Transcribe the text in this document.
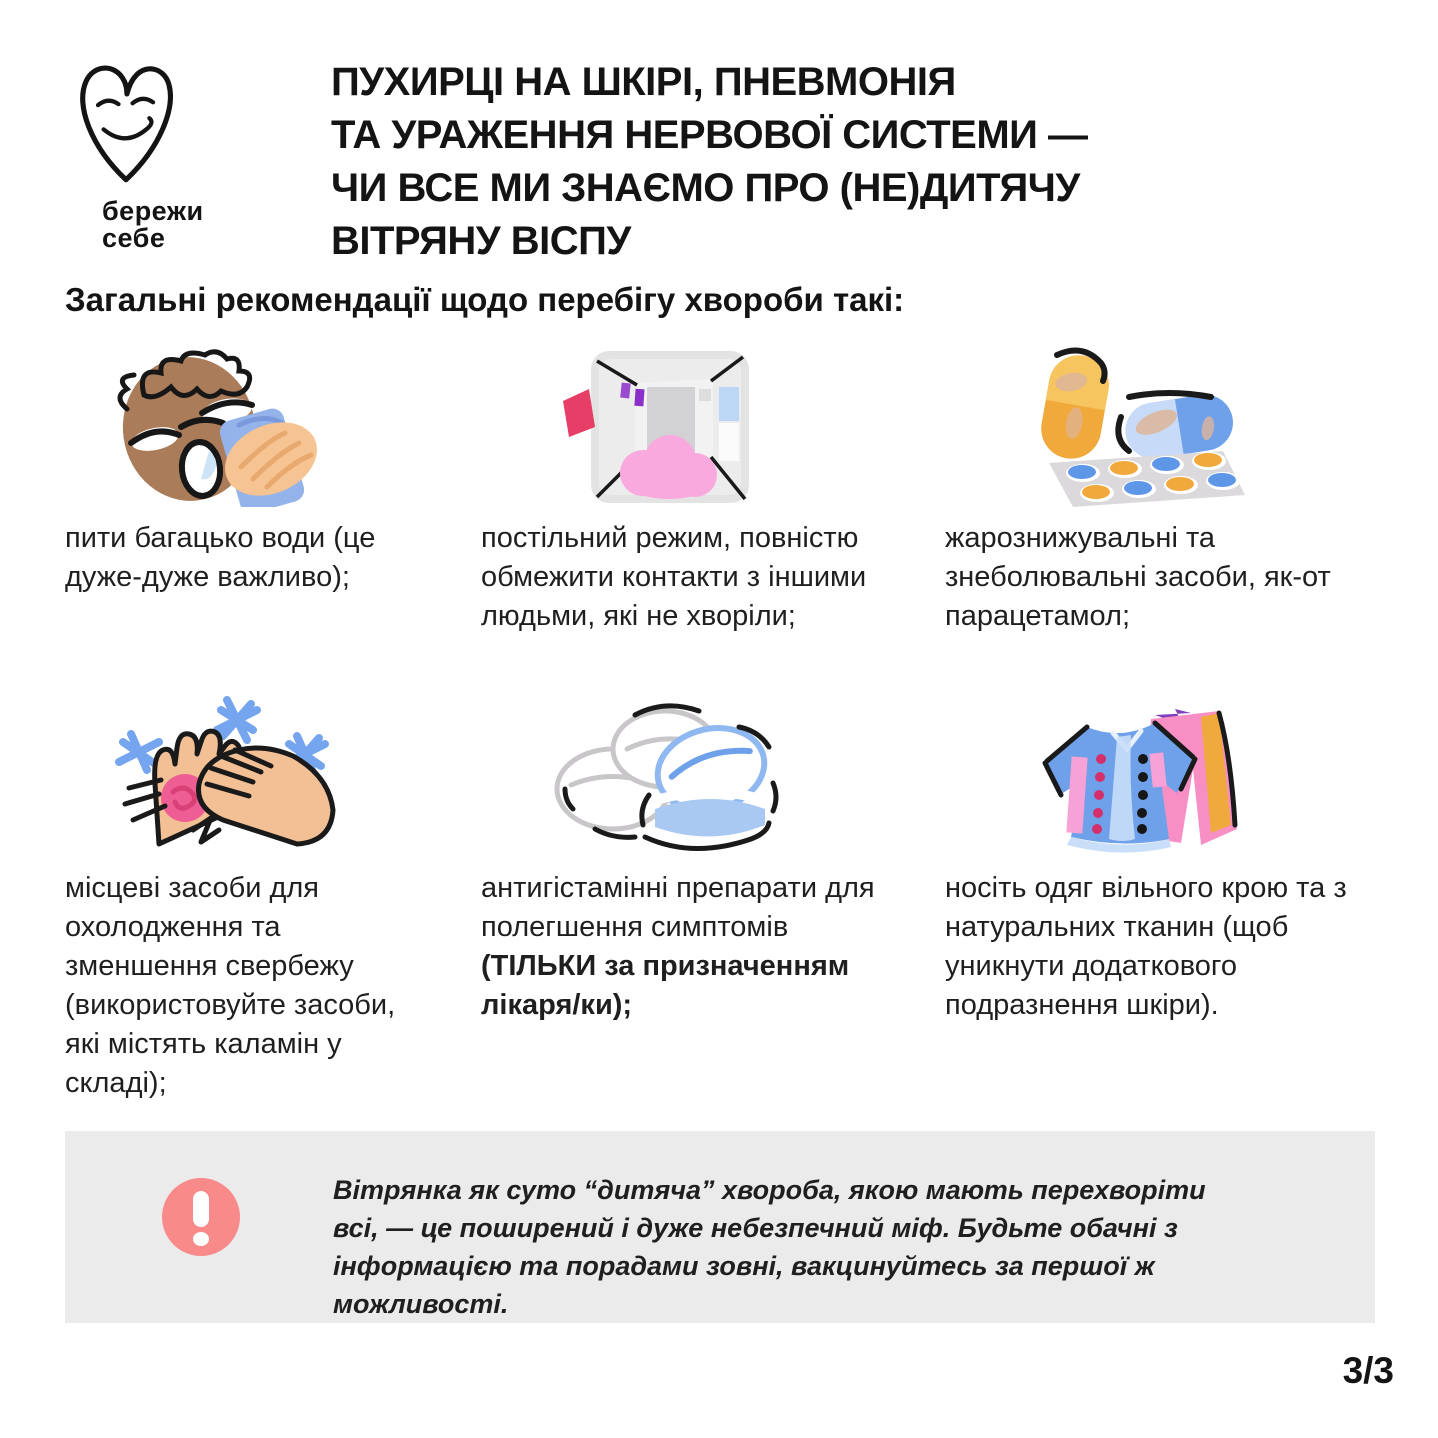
бережи
себе
ПУХИРЦІ НА ШКІРІ, ПНЕВМОНІЯ
ТА УРАЖЕННЯ НЕРВОВОЇ СИСТЕМИ —
ЧИ ВСЕ МИ ЗНАЄМО ПРО (НЕ)ДИТЯЧУ
ВІТРЯНУ ВІСПУ
Загальні рекомендації щодо перебігу хвороби такі:

пити багацько води (це дуже-дуже важливо);

постільний режим, повністю обмежити контакти з іншими людьми, які не хворіли;

жарознижувальні та знеболювальні засоби, як-от парацетамол;

місцеві засоби для охолодження та зменшення свербежу (використовуйте засоби, які містять каламін у складі);

антигістамінні препарати для полегшення симптомів (ТІЛЬКИ за призначенням лікаря/ки);

носіть одяг вільного крою та з натуральних тканин (щоб уникнути додаткового подразнення шкіри).

Вітрянка як суто “дитяча” хвороба, якою мають перехворіти всі, — це поширений і дуже небезпечний міф. Будьте обачні з інформацією та порадами зовні, вакцинуйтесь за першої ж можливості.

3/3
